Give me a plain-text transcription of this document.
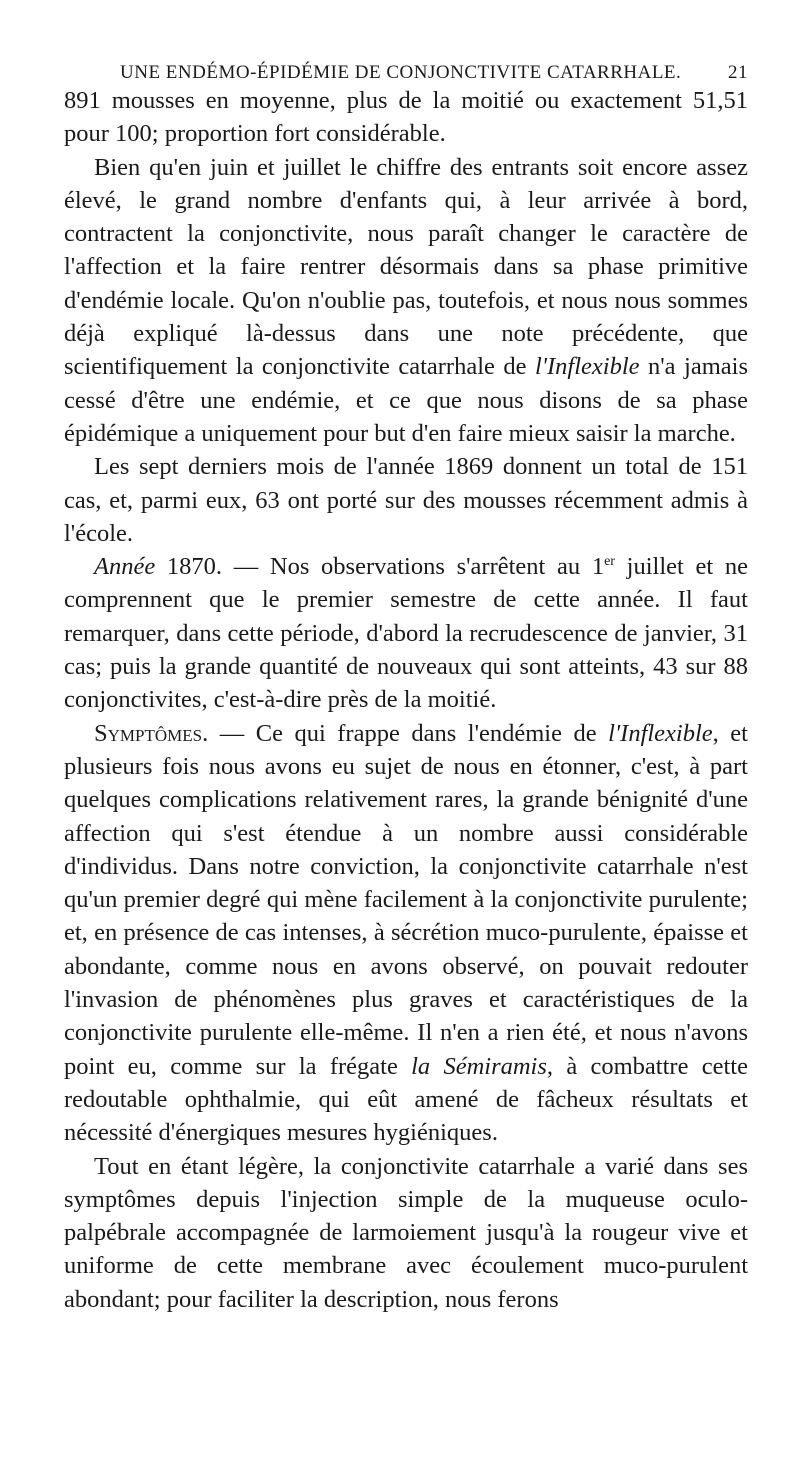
UNE ENDÉMO-ÉPIDÉMIE DE CONJONCTIVITE CATARRHALE. 21

891 mousses en moyenne, plus de la moitié ou exactement 51,51 pour 100; proportion fort considérable.

Bien qu'en juin et juillet le chiffre des entrants soit encore assez élevé, le grand nombre d'enfants qui, à leur arrivée à bord, contractent la conjonctivite, nous paraît changer le caractère de l'affection et la faire rentrer désormais dans sa phase primitive d'endémie locale. Qu'on n'oublie pas, toutefois, et nous nous sommes déjà expliqué là-dessus dans une note précédente, que scientifiquement la conjonctivite catarrhale de l'Inflexible n'a jamais cessé d'être une endémie, et ce que nous disons de sa phase épidémique a uniquement pour but d'en faire mieux saisir la marche.

Les sept derniers mois de l'année 1869 donnent un total de 151 cas, et, parmi eux, 63 ont porté sur des mousses récemment admis à l'école.

Année 1870. — Nos observations s'arrêtent au 1er juillet et ne comprennent que le premier semestre de cette année. Il faut remarquer, dans cette période, d'abord la recrudescence de janvier, 31 cas; puis la grande quantité de nouveaux qui sont atteints, 43 sur 88 conjonctivites, c'est-à-dire près de la moitié.

Symptômes. — Ce qui frappe dans l'endémie de l'Inflexible, et plusieurs fois nous avons eu sujet de nous en étonner, c'est, à part quelques complications relativement rares, la grande bénignité d'une affection qui s'est étendue à un nombre aussi considérable d'individus. Dans notre conviction, la conjonctivite catarrhale n'est qu'un premier degré qui mène facilement à la conjonctivite purulente; et, en présence de cas intenses, à sécrétion muco-purulente, épaisse et abondante, comme nous en avons observé, on pouvait redouter l'invasion de phénomènes plus graves et caractéristiques de la conjonctivite purulente elle-même. Il n'en a rien été, et nous n'avons point eu, comme sur la frégate la Sémiramis, à combattre cette redoutable ophthalmie, qui eût amené de fâcheux résultats et nécessité d'énergiques mesures hygiéniques.

Tout en étant légère, la conjonctivite catarrhale a varié dans ses symptômes depuis l'injection simple de la muqueuse oculo-palpébrale accompagnée de larmoiement jusqu'à la rougeur vive et uniforme de cette membrane avec écoulement muco-purulent abondant; pour faciliter la description, nous ferons
